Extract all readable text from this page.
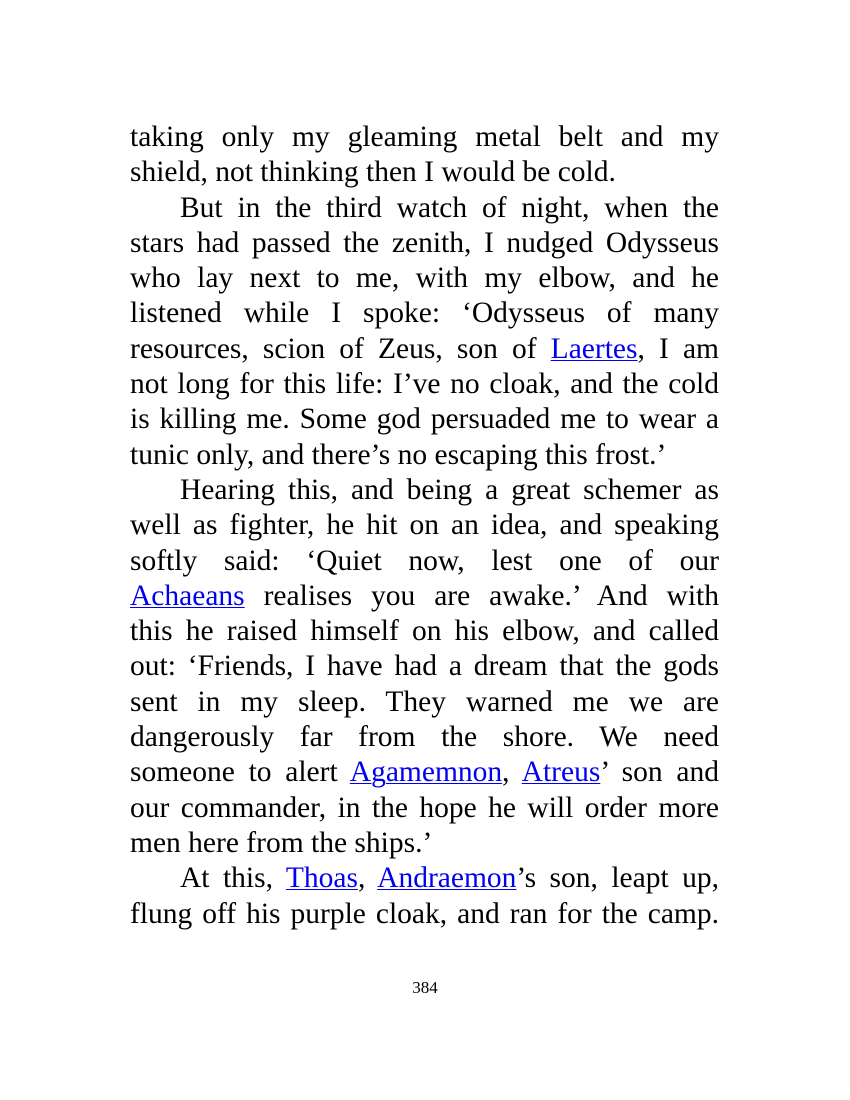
taking only my gleaming metal belt and my
shield, not thinking then I would be cold.
But in the third watch of night, when the
stars had passed the zenith, I nudged Odysseus
who lay next to me, with my elbow, and he
listened while I spoke: ‘Odysseus of many
resources, scion of Zeus, son of Laertes, I am
not long for this life: I’ve no cloak, and the cold
is killing me. Some god persuaded me to wear a
tunic only, and there’s no escaping this frost.’
Hearing this, and being a great schemer as
well as fighter, he hit on an idea, and speaking
softly said: ‘Quiet now, lest one of our
Achaeans realises you are awake.’ And with
this he raised himself on his elbow, and called
out: ‘Friends, I have had a dream that the gods
sent in my sleep. They warned me we are
dangerously far from the shore. We need
someone to alert Agamemnon, Atreus’ son and
our commander, in the hope he will order more
men here from the ships.’
At this, Thoas, Andraemon’s son, leapt up,
flung off his purple cloak, and ran for the camp.
384
